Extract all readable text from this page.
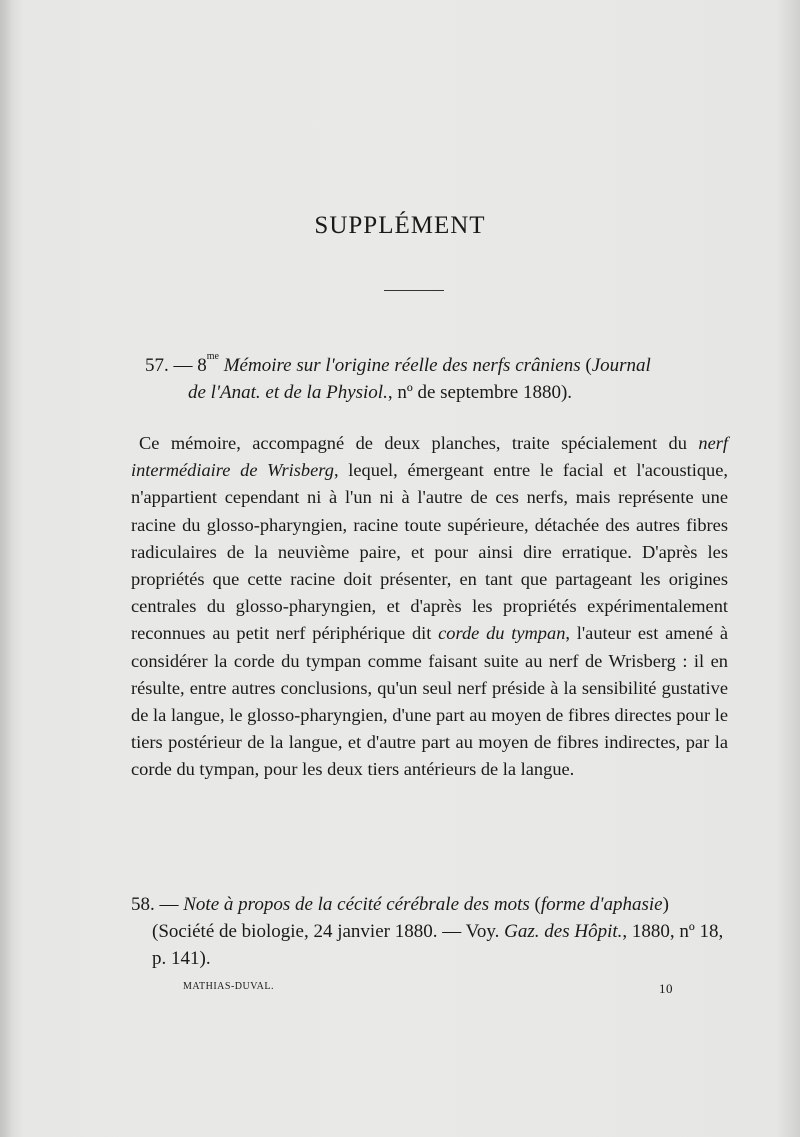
SUPPLÉMENT

57. — $8^{me}$ Mémoire sur l'origine réelle des nerfs crâniens (Journal
de l'Anat. et de la Physiol., nº de septembre 1880).

Ce mémoire, accompagné de deux planches, traite spécialement du nerf intermédiaire de Wrisberg, lequel, émergeant entre le facial et l'acoustique, n'appartient cependant ni à l'un ni à l'autre de ces nerfs, mais représente une racine du glosso-pharyngien, racine toute supérieure, détachée des autres fibres radiculaires de la neuvième paire, et pour ainsi dire erratique. D'après les propriétés que cette racine doit présenter, en tant que partageant les origines centrales du glosso-pharyngien, et d'après les propriétés expérimentalement reconnues au petit nerf périphérique dit corde du tympan, l'auteur est amené à considérer la corde du tympan comme faisant suite au nerf de Wrisberg : il en résulte, entre autres conclusions, qu'un seul nerf préside à la sensibilité gustative de la langue, le glosso-pharyngien, d'une part au moyen de fibres directes pour le tiers postérieur de la langue, et d'autre part au moyen de fibres indirectes, par la corde du tympan, pour les deux tiers antérieurs de la langue.

58. — Note à propos de la cécité cérébrale des mots (forme d'aphasie)
(Société de biologie, 24 janvier 1880. — Voy. Gaz. des Hôpit., 1880, nº 18, p. 141).

MATHIAS-DUVAL.	10
